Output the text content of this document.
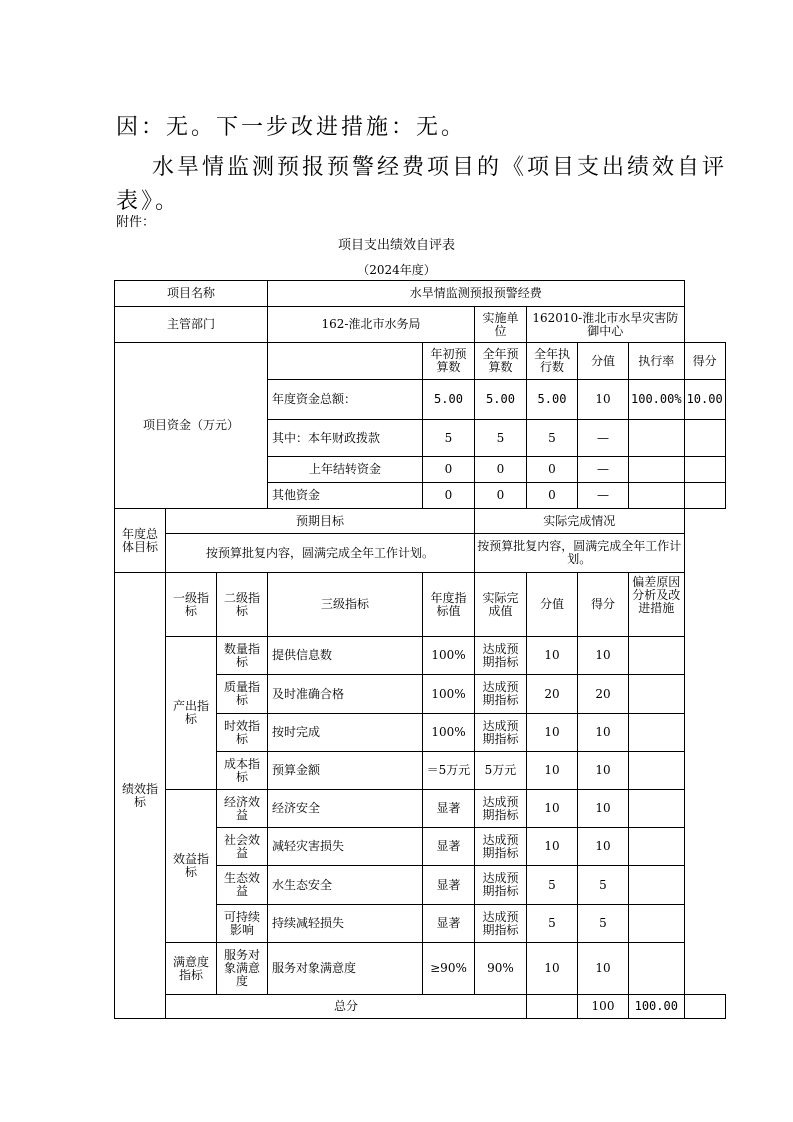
因：无。下一步改进措施：无。
水旱情监测预报预警经费项目的《项目支出绩效自评
表》。
附件：
项目支出绩效自评表
（2024年度）
项目名称			水旱情监测预报预警经费						
主管部门			162-淮北市水务局		实施单位	162010-淮北市水旱灾害防御中心			
项目资金（万元）				年初预算数	全年预算数	全年执行数	分值	执行率	得分
			年度资金总额：	5.00	5.00	5.00	10	100.00%	10.00
			其中：本年财政拨款	5	5	5	—		
			上年结转资金	0	0	0	—		
			其他资金	0	0	0	—		
年度总体目标	预期目标				实际完成情况				
	按预算批复内容，圆满完成全年工作计划。				按预算批复内容，圆满完成全年工作计划。				
绩效指标	一级指标	二级指标	三级指标	年度指标值	实际完成值	分值	得分	偏差原因分析及改进措施	
	产出指标	数量指标	提供信息数	100%	达成预期指标	10	10		
		质量指标	及时准确合格	100%	达成预期指标	20	20		
		时效指标	按时完成	100%	达成预期指标	10	10		
		成本指标	预算金额	＝5万元	5万元	10	10		
	效益指标	经济效益	经济安全	显著	达成预期指标	10	10		
		社会效益	减轻灾害损失	显著	达成预期指标	10	10		
		生态效益	水生态安全	显著	达成预期指标	5	5		
		可持续影响	持续减轻损失	显著	达成预期指标	5	5		
	满意度指标	服务对象满意度	服务对象满意度	≥90%	90%	10	10		
	总分						100	100.00	
